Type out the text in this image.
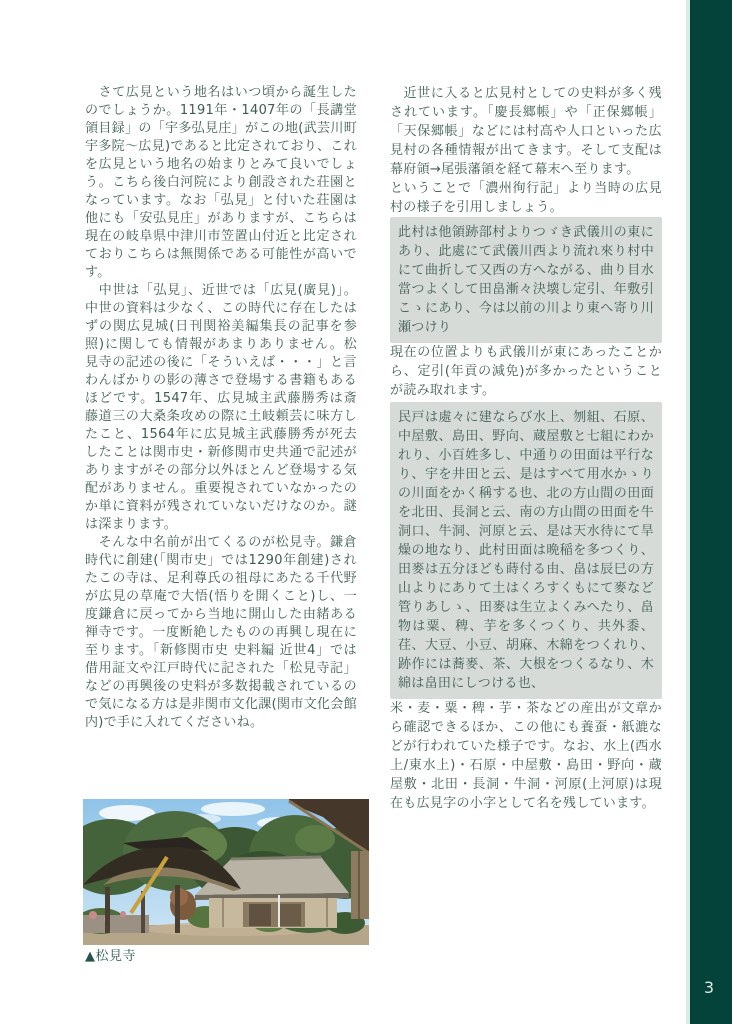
　さて広見という地名はいつ頃から誕生したのでしょうか。1191年・1407年の「長講堂領目録」の「宇多弘見庄」がこの地(武芸川町宇多院〜広見)であると比定されており、これを広見という地名の始まりとみて良いでしょう。こちら後白河院により創設された荘園となっています。なお「弘見」と付いた荘園は他にも「安弘見庄」がありますが、こちらは現在の岐阜県中津川市笠置山付近と比定されておりこちらは無関係である可能性が高いです。

　中世は「弘見」、近世では「広見(廣見)」。中世の資料は少なく、この時代に存在したはずの関広見城(日刊関裕美編集長の記事を参照)に関しても情報があまりありません。松見寺の記述の後に「そういえば・・・」と言わんばかりの影の薄さで登場する書籍もあるほどです。1547年、広見城主武藤勝秀は斎藤道三の大桑条攻めの際に土岐頼芸に味方したこと、1564年に広見城主武藤勝秀が死去したことは関市史・新修関市史共通で記述がありますがその部分以外ほとんど登場する気配がありません。重要視されていなかったのか単に資料が残されていないだけなのか。謎は深まります。

　そんな中名前が出てくるのが松見寺。鎌倉時代に創建(「関市史」では1290年創建)されたこの寺は、足利尊氏の祖母にあたる千代野が広見の草庵で大悟(悟りを開くこと)し、一度鎌倉に戻ってから当地に開山した由緒ある禅寺です。一度断絶したものの再興し現在に至ります。「新修関市史 史料編 近世4」では借用証文や江戸時代に記された「松見寺記」などの再興後の史料が多数掲載されているので気になる方は是非関市文化課(関市文化会館内)で手に入れてくださいね。

　近世に入ると広見村としての史料が多く残されています。「慶長郷帳」や「正保郷帳」「天保郷帳」などには村高や人口といった広見村の各種情報が出てきます。そして支配は幕府領→尾張藩領を経て幕末へ至ります。

ということで「濃州徇行記」より当時の広見村の様子を引用しましょう。

此村は他領跡部村よりつゞき武儀川の東にあり、此處にて武儀川西より流れ來り村中にて曲折して又西の方へながる、曲り目水當つよくして田畠漸々決壊し定引、年敷引こゝにあり、今は以前の川より東へ寄り川瀬つけり

現在の位置よりも武儀川が東にあったことから、定引(年貢の減免)が多かったということが読み取れます。

民戸は處々に建ならび水上、刎組、石原、中屋敷、島田、野向、蔵屋敷と七組にわかれり、小百姓多し、中通りの田面は平行なり、宇を井田と云、是はすべて用水かゝりの川面をかく稱する也、北の方山間の田面を北田、長洞と云、南の方山間の田面を牛洞口、牛洞、河原と云、是は天水待にて旱燥の地なり、此村田面は晩稲を多つくり、田麥は五分ほども蒔付る由、畠は辰巳の方山よりにありて土はくろすくもにて麥など管りあしゝ、田麥は生立よくみへたり、畠物は粟、稗、芋を多くつくり、共外黍、荏、大豆、小豆、胡麻、木綿をつくれり、跡作には蕎麥、茶、大根をつくるなり、木綿は畠田にしつける也、

米・麦・粟・稗・芋・茶などの産出が文章から確認できるほか、この他にも養蚕・紙漉などが行われていた様子です。なお、水上(西水上/東水上)・石原・中屋敷・島田・野向・蔵屋敷・北田・長洞・牛洞・河原(上河原)は現在も広見字の小字として名を残しています。

▲松見寺
3
